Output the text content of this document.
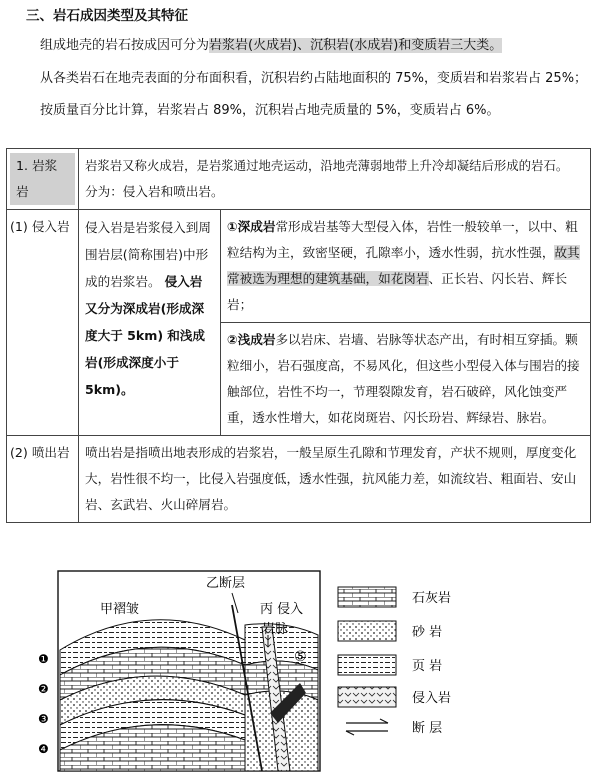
三、岩石成因类型及其特征
组成地壳的岩石按成因可分为岩浆岩(火成岩)、沉积岩(水成岩)和变质岩三大类。
从各类岩石在地壳表面的分布面积看，沉积岩约占陆地面积的 75%，变质岩和岩浆岩占 25%；
按质量百分比计算，岩浆岩占 89%，沉积岩占地壳质量的 5%，变质岩占 6%。
1. 岩浆岩	岩浆岩又称火成岩，是岩浆通过地壳运动，沿地壳薄弱地带上升冷却凝结后形成的岩石。
分为：侵入岩和喷出岩。	

(1) 侵入岩	侵入岩是岩浆侵入到周围岩层(简称围岩)中形成的岩浆岩。 侵入岩又分为深成岩(形成深度大于 5km) 和浅成岩(形成深度小于 5km)。	①深成岩常形成岩基等大型侵入体，岩性一般较单一，以中、粗粒结构为主，致密坚硬，孔隙率小，透水性弱，抗水性强，故其常被选为理想的建筑基础，如花岗岩、正长岩、闪长岩、辉长岩；
		②浅成岩多以岩床、岩墙、岩脉等状态产出，有时相互穿插。颗粒细小，岩石强度高，不易风化，但这些小型侵入体与围岩的接触部位，岩性不均一，节理裂隙发育，岩石破碎，风化蚀变严重，透水性增大，如花岗斑岩、闪长玢岩、辉绿岩、脉岩。
(2) 喷出岩	喷出岩是指喷出地表形成的岩浆岩，一般呈原生孔隙和节理发育，产状不规则，厚度变化大，岩性很不均一，比侵入岩强度低，透水性强，抗风能力差，如流纹岩、粗面岩、安山岩、玄武岩、火山碎屑岩。	
甲褶皱
乙断层
丙 侵入
岩脉
⑤
❶
❷
❸
❹
石灰岩
砂 岩
页 岩
侵入岩
断 层
